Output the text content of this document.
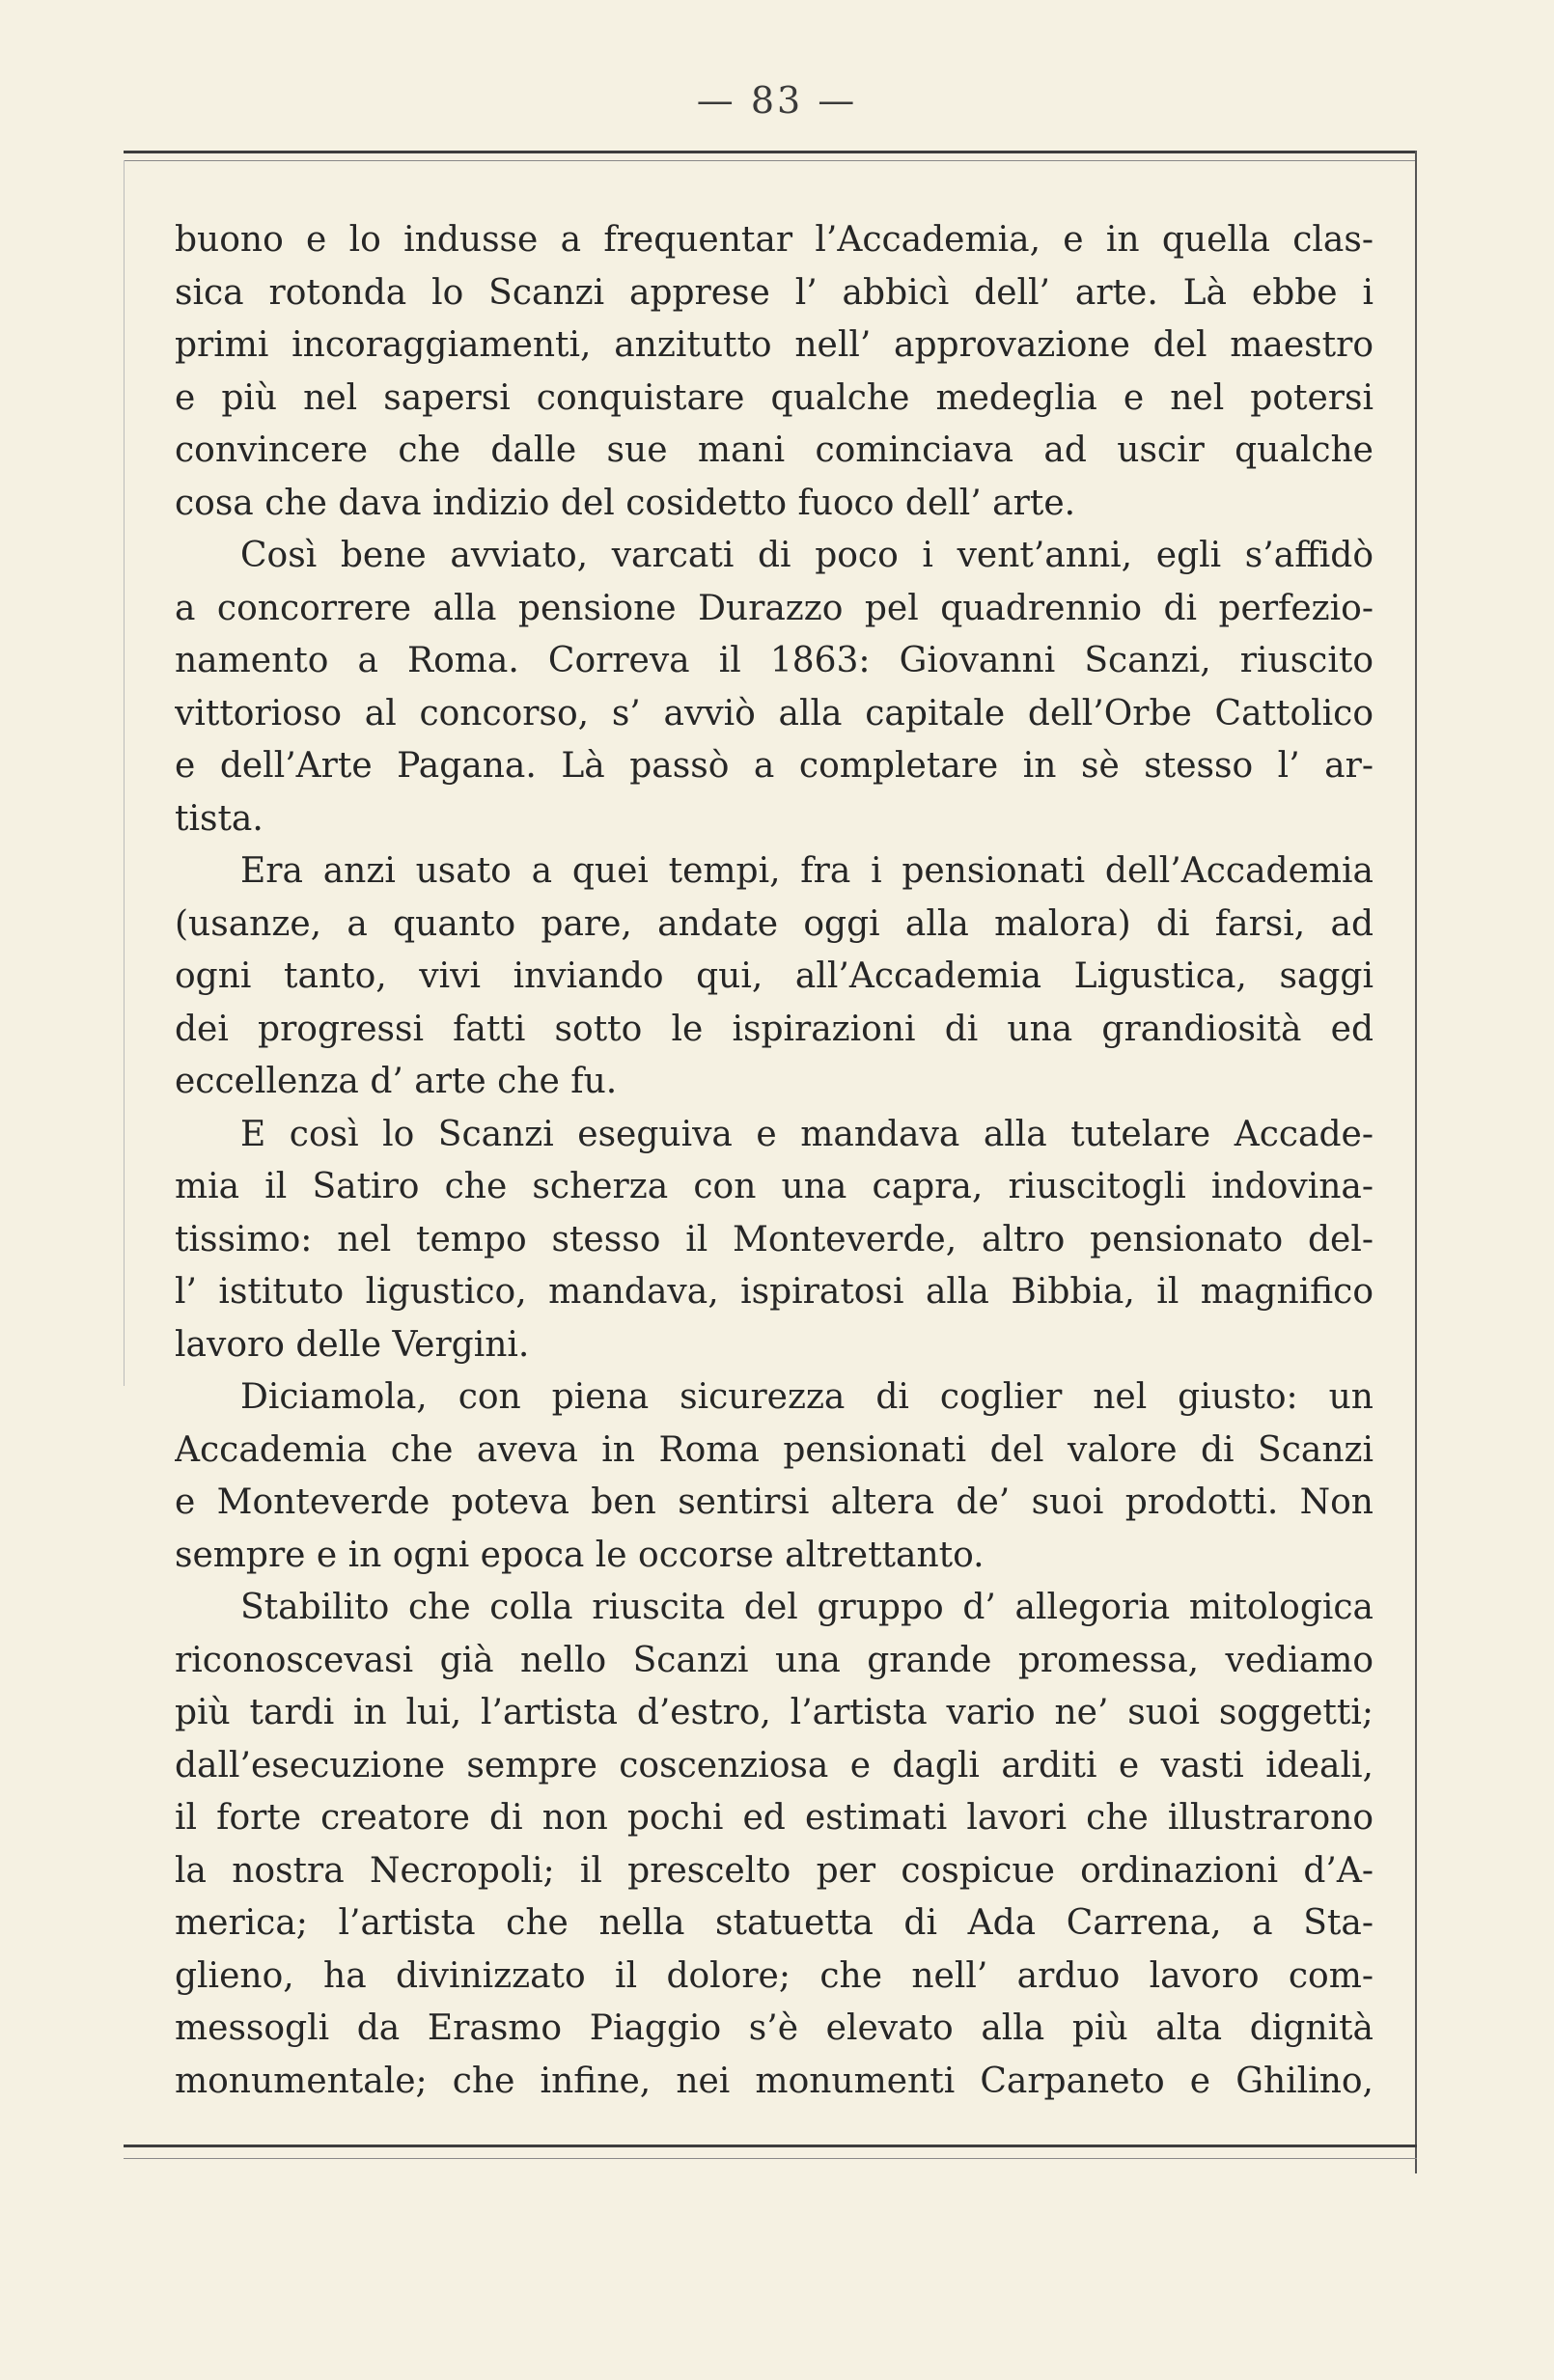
— 83 —
buono e lo indusse a frequentar l’Accademia, e in quella clas-
sica rotonda lo Scanzi apprese l’ abbicì dell’ arte. Là ebbe i
primi incoraggiamenti, anzitutto nell’ approvazione del maestro
e più nel sapersi conquistare qualche medeglia e nel potersi
convincere che dalle sue mani cominciava ad uscir qualche
cosa che dava indizio del cosidetto fuoco dell’ arte.
Così bene avviato, varcati di poco i vent’anni, egli s’affidò
a concorrere alla pensione Durazzo pel quadrennio di perfezio-
namento a Roma. Correva il 1863: Giovanni Scanzi, riuscito
vittorioso al concorso, s’ avviò alla capitale dell’Orbe Cattolico
e dell’Arte Pagana. Là passò a completare in sè stesso l’ ar-
tista.
Era anzi usato a quei tempi, fra i pensionati dell’Accademia
(usanze, a quanto pare, andate oggi alla malora) di farsi, ad
ogni tanto, vivi inviando qui, all’Accademia Ligustica, saggi
dei progressi fatti sotto le ispirazioni di una grandiosità ed
eccellenza d’ arte che fu.
E così lo Scanzi eseguiva e mandava alla tutelare Accade-
mia il Satiro che scherza con una capra, riuscitogli indovina-
tissimo: nel tempo stesso il Monteverde, altro pensionato del-
l’ istituto ligustico, mandava, ispiratosi alla Bibbia, il magnifico
lavoro delle Vergini.
Diciamola, con piena sicurezza di coglier nel giusto: un
Accademia che aveva in Roma pensionati del valore di Scanzi
e Monteverde poteva ben sentirsi altera de’ suoi prodotti. Non
sempre e in ogni epoca le occorse altrettanto.
Stabilito che colla riuscita del gruppo d’ allegoria mitologica
riconoscevasi già nello Scanzi una grande promessa, vediamo
più tardi in lui, l’artista d’estro, l’artista vario ne’ suoi soggetti;
dall’esecuzione sempre coscenziosa e dagli arditi e vasti ideali,
il forte creatore di non pochi ed estimati lavori che illustrarono
la nostra Necropoli; il prescelto per cospicue ordinazioni d’A-
merica; l’artista che nella statuetta di Ada Carrena, a Sta-
glieno, ha divinizzato il dolore; che nell’ arduo lavoro com-
messogli da Erasmo Piaggio s’è elevato alla più alta dignità
monumentale; che infine, nei monumenti Carpaneto e Ghilino,
